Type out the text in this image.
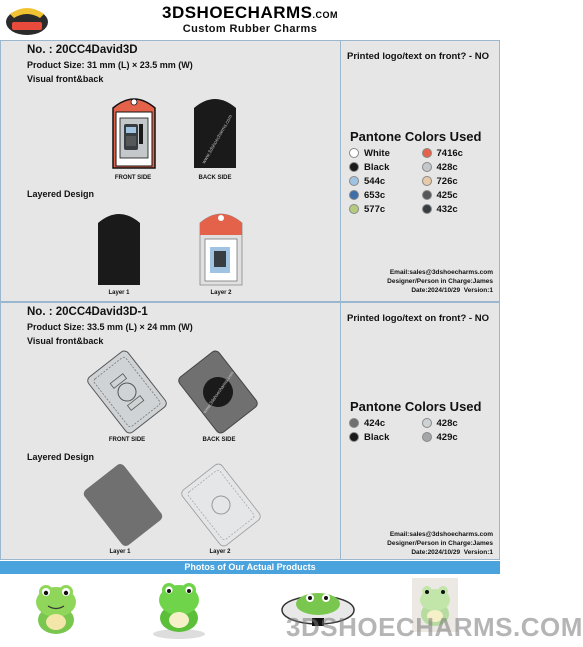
3DSHOECHARMS.COM
Custom Rubber Charms
No. : 20CC4David3D
Product Size: 31 mm (L) × 23.5 mm (W)
Visual front&back
FRONT SIDE
www.3dshoecharms.com
BACK SIDE
Layered Design
Layer 1	Layer 2
Printed logo/text on front? - NO
Pantone Colors Used
White	7416c
Black	428c
544c	726c
653c	425c
577c	432c
Email:sales@3dshoecharms.com
Designer/Person in Charge:James
Date:2024/10/29 Version:1
No. : 20CC4David3D-1
Product Size: 33.5 mm (L) × 24 mm (W)
Visual front&back
FRONT SIDE
www.3dshoecharms.com
BACK SIDE
Layered Design
Layer 1	Layer 2
Printed logo/text on front? - NO
Pantone Colors Used
424c	428c
Black	429c
Email:sales@3dshoecharms.com
Designer/Person in Charge:James
Date:2024/10/29 Version:1
Photos of Our Actual Products
3DSHOECHARMS.COM
